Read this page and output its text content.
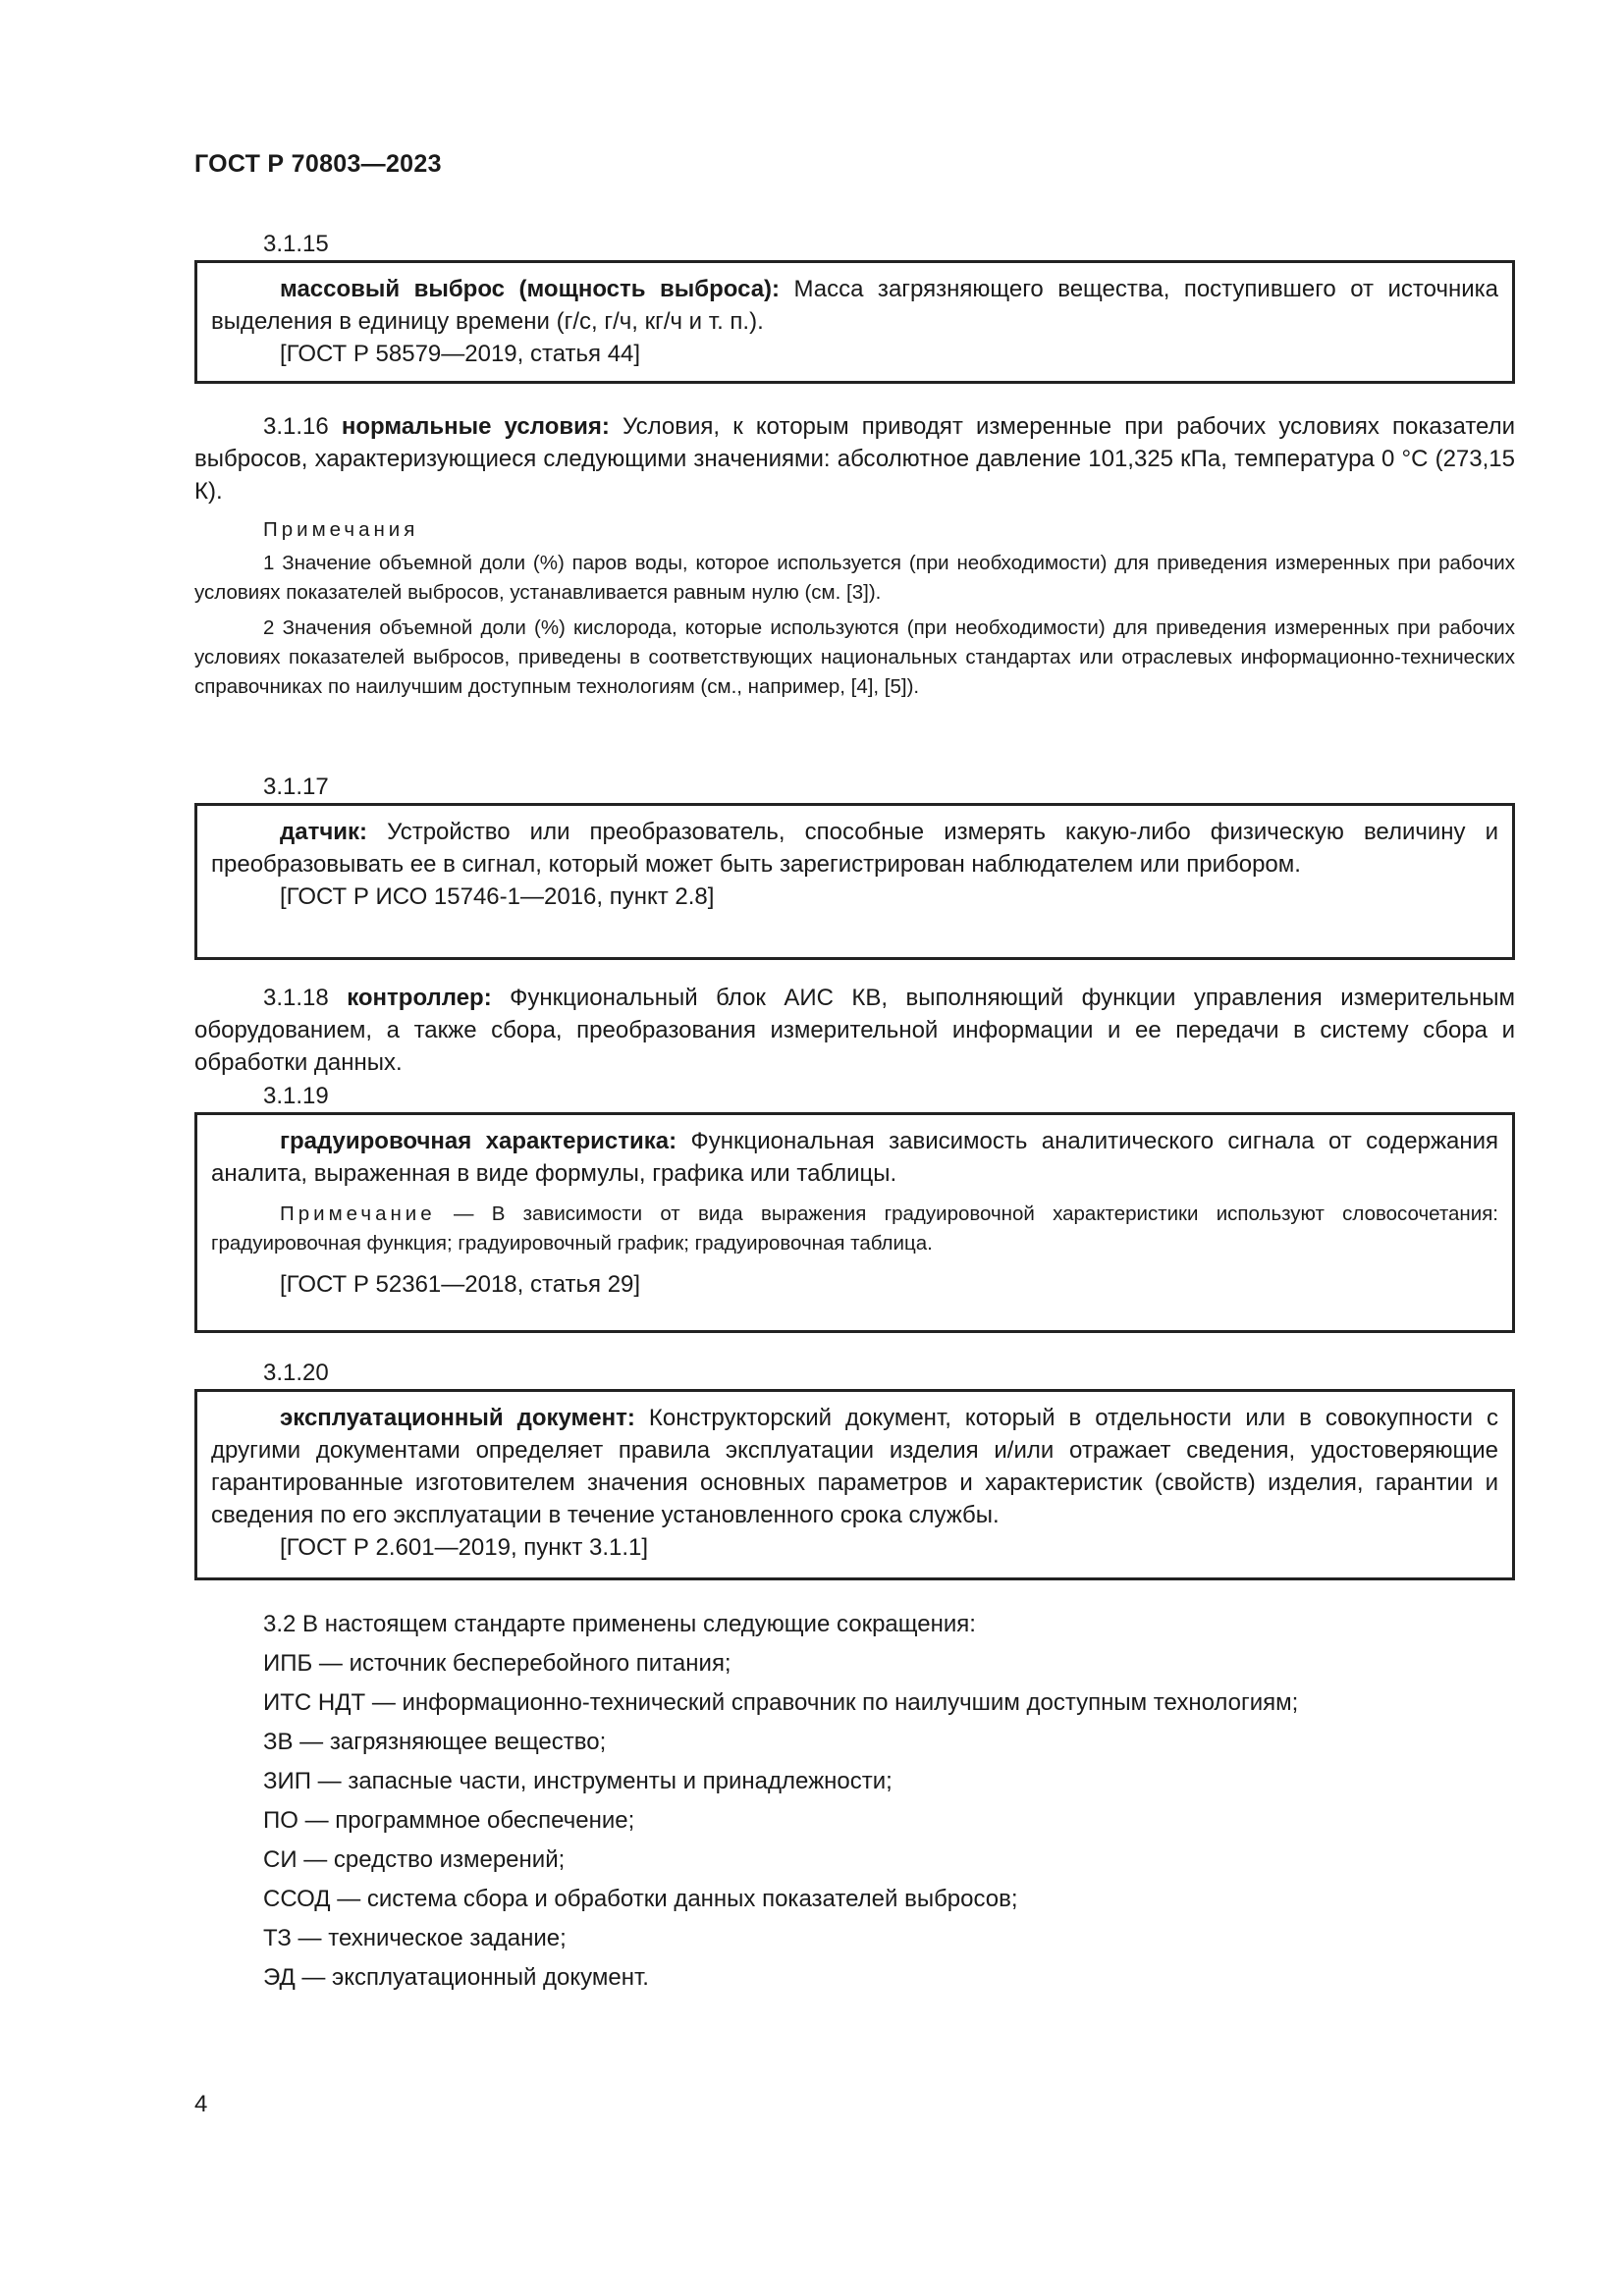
ГОСТ Р 70803—2023
3.1.15

массовый выброс (мощность выброса): Масса загрязняющего вещества, поступившего от источника выделения в единицу времени (г/с, г/ч, кг/ч и т. п.).

[ГОСТ Р 58579—2019, статья 44]

3.1.16 нормальные условия: Условия, к которым приводят измеренные при рабочих условиях показатели выбросов, характеризующиеся следующими значениями: абсолютное давление 101,325 кПа, температура 0 °С (273,15 К).

Примечания

1 Значение объемной доли (%) паров воды, которое используется (при необходимости) для приведения измеренных при рабочих условиях показателей выбросов, устанавливается равным нулю (см. [3]).

2 Значения объемной доли (%) кислорода, которые используются (при необходимости) для приведения измеренных при рабочих условиях показателей выбросов, приведены в соответствующих национальных стандартах или отраслевых информационно-технических справочниках по наилучшим доступным технологиям (см., например, [4], [5]).

3.1.17

датчик: Устройство или преобразователь, способные измерять какую-либо физическую величину и преобразовывать ее в сигнал, который может быть зарегистрирован наблюдателем или прибором.

[ГОСТ Р ИСО 15746-1—2016, пункт 2.8]

3.1.18 контроллер: Функциональный блок АИС КВ, выполняющий функции управления измерительным оборудованием, а также сбора, преобразования измерительной информации и ее передачи в систему сбора и обработки данных.

3.1.19

градуировочная характеристика: Функциональная зависимость аналитического сигнала от содержания аналита, выраженная в виде формулы, графика или таблицы.

Примечание — В зависимости от вида выражения градуировочной характеристики используют словосочетания: градуировочная функция; градуировочный график; градуировочная таблица.

[ГОСТ Р 52361—2018, статья 29]

3.1.20

эксплуатационный документ: Конструкторский документ, который в отдельности или в совокупности с другими документами определяет правила эксплуатации изделия и/или отражает сведения, удостоверяющие гарантированные изготовителем значения основных параметров и характеристик (свойств) изделия, гарантии и сведения по его эксплуатации в течение установленного срока службы.

[ГОСТ Р 2.601—2019, пункт 3.1.1]

3.2 В настоящем стандарте применены следующие сокращения:
ИПБ — источник бесперебойного питания;
ИТС НДТ — информационно-технический справочник по наилучшим доступным технологиям;
ЗВ — загрязняющее вещество;
ЗИП — запасные части, инструменты и принадлежности;
ПО — программное обеспечение;
СИ — средство измерений;
ССОД — система сбора и обработки данных показателей выбросов;
ТЗ — техническое задание;
ЭД — эксплуатационный документ.
4
